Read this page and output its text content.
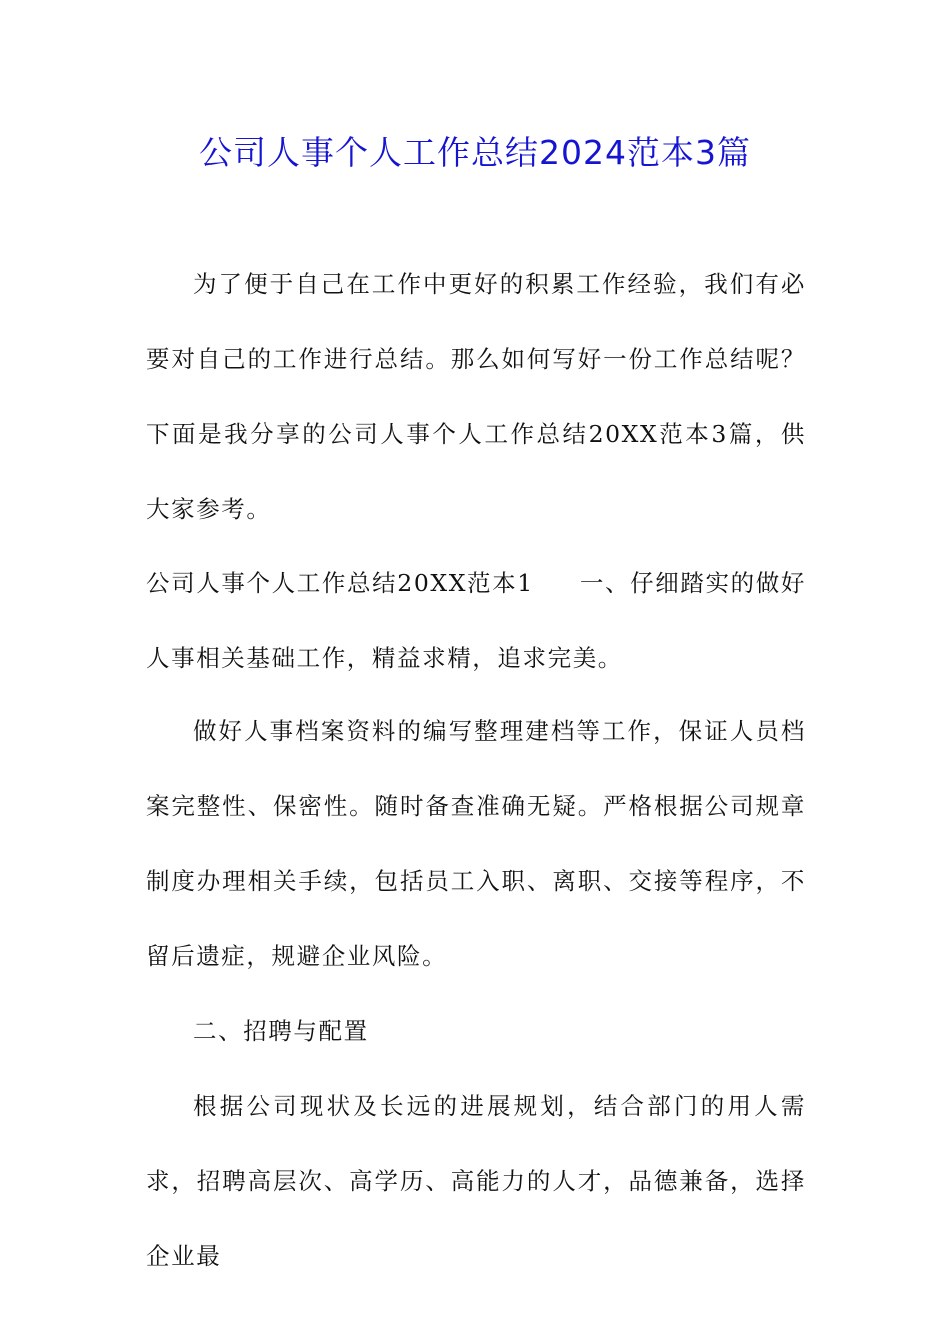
公司人事个人工作总结2024范本3篇

为了便于自己在工作中更好的积累工作经验，我们有必要对自己的工作进行总结。那么如何写好一份工作总结呢？下面是我分享的公司人事个人工作总结20XX范本3篇，供大家参考。

公司人事个人工作总结20XX范本1 一、仔细踏实的做好人事相关基础工作，精益求精，追求完美。

做好人事档案资料的编写整理建档等工作，保证人员档案完整性、保密性。随时备查准确无疑。严格根据公司规章制度办理相关手续，包括员工入职、离职、交接等程序，不留后遗症，规避企业风险。

二、招聘与配置

根据公司现状及长远的进展规划，结合部门的用人需求，招聘高层次、高学历、高能力的人才，品德兼备，选择企业最
